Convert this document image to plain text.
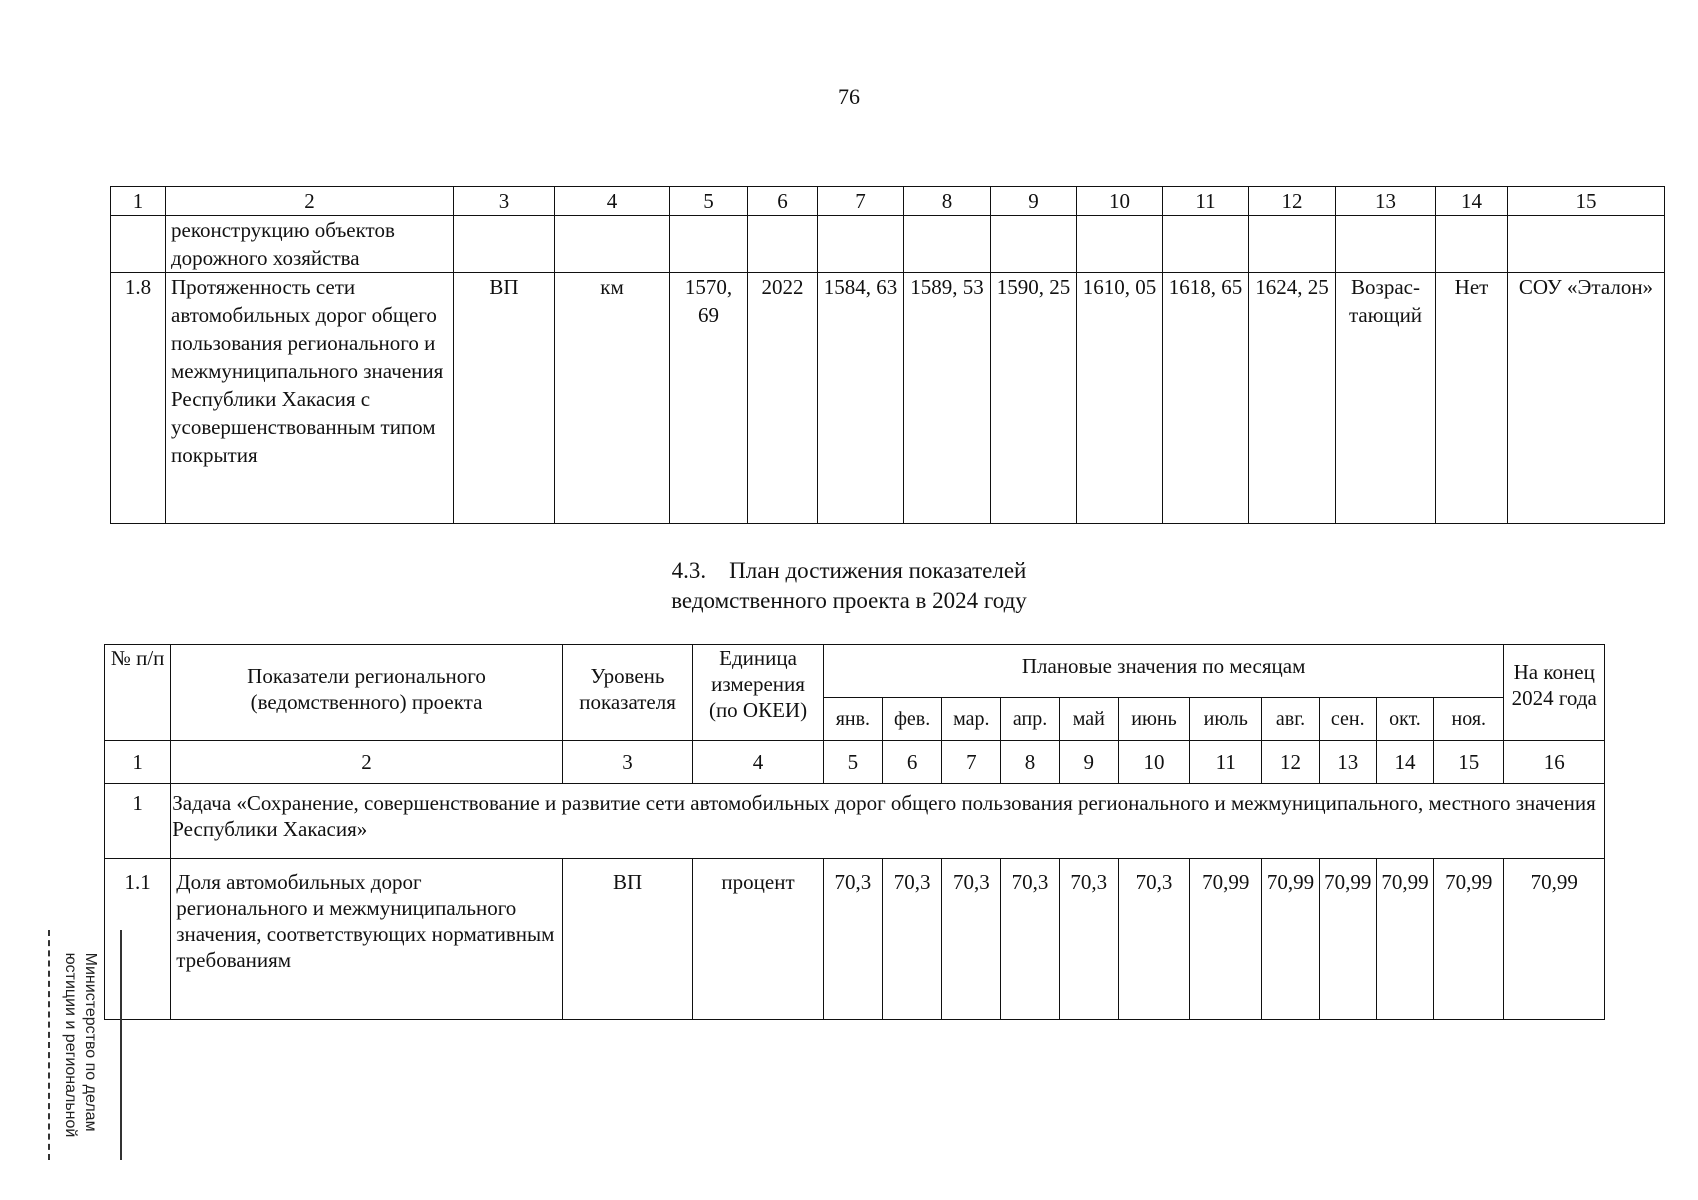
76
1	2	3	4	5	6	7	8	9	10	11	12	13	14	15
	реконструкцию объектов дорожного хозяйства													
1.8	Протяженность сети автомобильных дорог общего пользования регионального и межмуниципального значения Республики Хакасия с усовершенствованным типом покрытия	ВП	км	1570, 69	2022	1584, 63	1589, 53	1590, 25	1610, 05	1618, 65	1624, 25	Возрас-тающий	Нет	СОУ «Эталон»
4.3.    План достижения показателей
ведомственного проекта в 2024 году
№ п/п	Показатели регионального (ведомственного) проекта	Уровень показателя	Единица измерения (по ОКЕИ)	Плановые значения по месяцам											На конец 2024 года
				янв.	фев.	мар.	апр.	май	июнь	июль	авг.	сен.	окт.	ноя.	
1	2	3	4	5	6	7	8	9	10	11	12	13	14	15	16
1	Задача «Сохранение, совершенствование и развитие сети автомобильных дорог общего пользования регионального и межмуниципального, местного значения Республики Хакасия»														
1.1	Доля автомобильных дорог регионального и межмуниципального значения, соответствующих нормативным требованиям	ВП	процент	70,3	70,3	70,3	70,3	70,3	70,3	70,99	70,99	70,99	70,99	70,99	70,99
Министерство по делам
юстиции и региональной
